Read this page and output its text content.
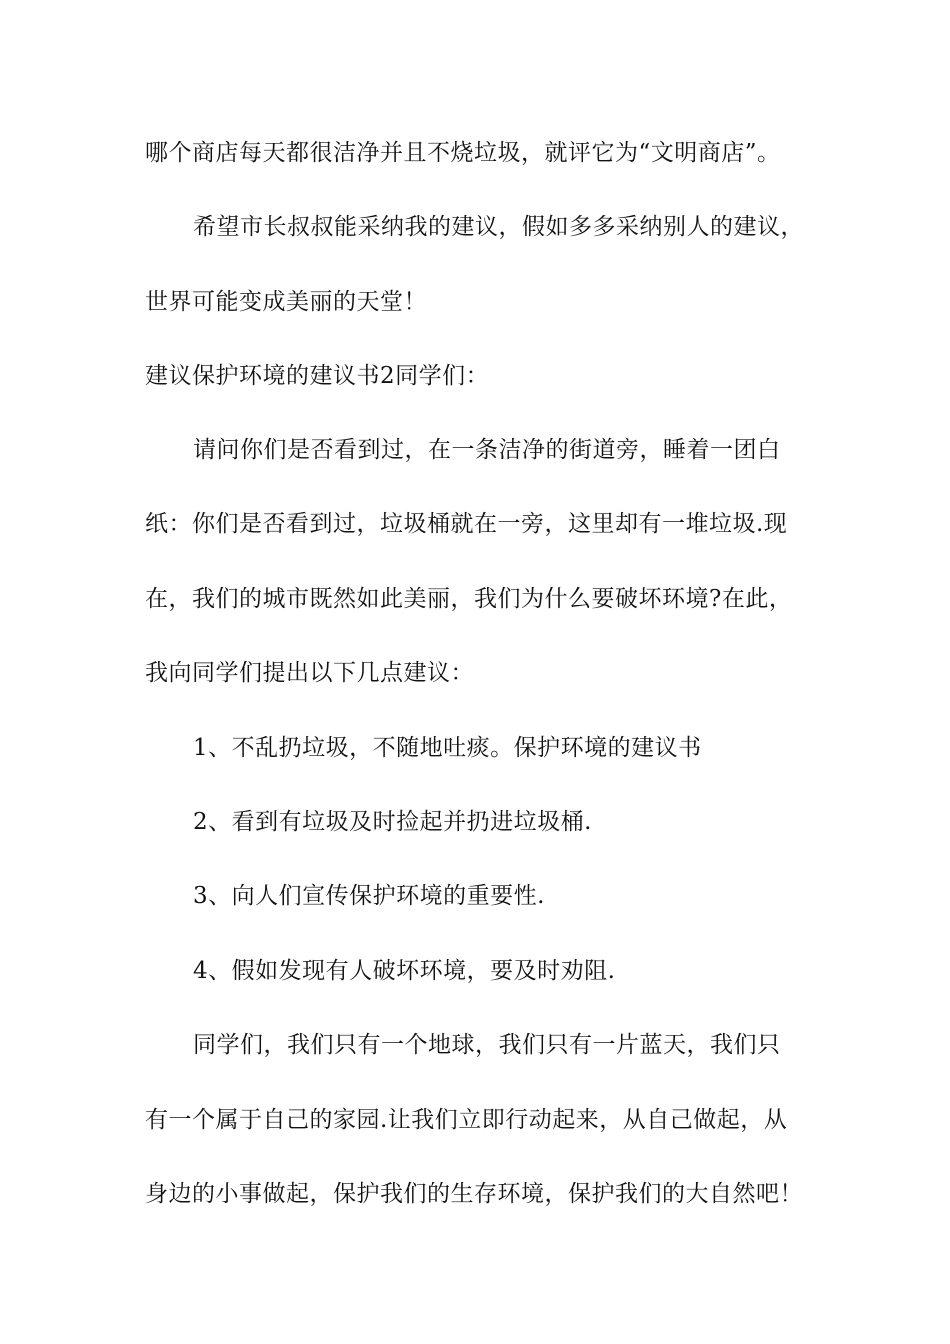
哪个商店每天都很洁净并且不烧垃圾，就评它为“文明商店”。
希望市长叔叔能采纳我的建议，假如多多采纳别人的建议，
世界可能变成美丽的天堂！
建议保护环境的建议书2同学们：
请问你们是否看到过，在一条洁净的街道旁，睡着一团白
纸：你们是否看到过，垃圾桶就在一旁，这里却有一堆垃圾.现
在，我们的城市既然如此美丽，我们为什么要破坏环境?在此，
我向同学们提出以下几点建议：
1、不乱扔垃圾，不随地吐痰。保护环境的建议书
2、看到有垃圾及时捡起并扔进垃圾桶.
3、向人们宣传保护环境的重要性.
4、假如发现有人破坏环境，要及时劝阻.
同学们，我们只有一个地球，我们只有一片蓝天，我们只
有一个属于自己的家园.让我们立即行动起来，从自己做起，从
身边的小事做起，保护我们的生存环境，保护我们的大自然吧！
